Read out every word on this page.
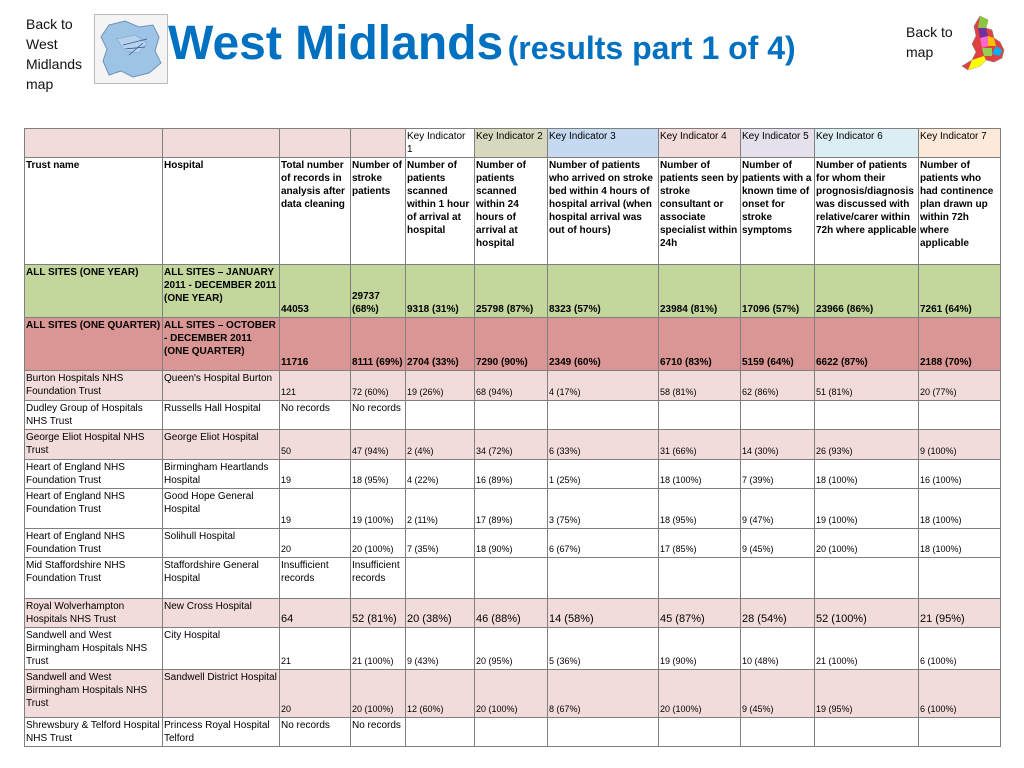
Back to West Midlands map
West Midlands (results part 1 of 4)	Back to map
				Key Indicator 1	Key Indicator 2	Key Indicator 3	Key Indicator 4	Key Indicator 5	Key Indicator 6	Key Indicator 7
Trust name	Hospital	Total number of records in analysis after data cleaning	Number of stroke patients	Number of patients scanned within 1 hour of arrival at hospital	Number of patients scanned within 24 hours of arrival at hospital	Number of patients who arrived on stroke bed within 4 hours of hospital arrival (when hospital arrival was out of hours)	Number of patients seen by stroke consultant or associate specialist within 24h	Number of patients with a known time of onset for stroke symptoms	Number of patients for whom their prognosis/diagnosis was discussed with relative/carer within 72h where applicable	Number of patients who had continence plan drawn up within 72h where applicable
ALL SITES (ONE YEAR)	ALL SITES – JANUARY 2011 - DECEMBER 2011 (ONE YEAR)	44053	29737 (68%)	9318 (31%)	25798 (87%)	8323 (57%)	23984 (81%)	17096 (57%)	23966 (86%)	7261 (64%)
ALL SITES (ONE QUARTER)	ALL SITES – OCTOBER - DECEMBER 2011 (ONE QUARTER)	11716	8111 (69%)	2704 (33%)	7290 (90%)	2349 (60%)	6710 (83%)	5159 (64%)	6622 (87%)	2188 (70%)
Burton Hospitals NHS Foundation Trust	Queen's Hospital Burton	121	72 (60%)	19 (26%)	68 (94%)	4 (17%)	58 (81%)	62 (86%)	51 (81%)	20 (77%)
Dudley Group of Hospitals NHS Trust	Russells Hall Hospital	No records	No records							
George Eliot Hospital NHS Trust	George Eliot Hospital	50	47 (94%)	2 (4%)	34 (72%)	6 (33%)	31 (66%)	14 (30%)	26 (93%)	9 (100%)
Heart of England NHS Foundation Trust	Birmingham Heartlands Hospital	19	18 (95%)	4 (22%)	16 (89%)	1 (25%)	18 (100%)	7 (39%)	18 (100%)	16 (100%)
Heart of England NHS Foundation Trust	Good Hope General Hospital	19	19 (100%)	2 (11%)	17 (89%)	3 (75%)	18 (95%)	9 (47%)	19 (100%)	18 (100%)
Heart of England NHS Foundation Trust	Solihull Hospital	20	20 (100%)	7 (35%)	18 (90%)	6 (67%)	17 (85%)	9 (45%)	20 (100%)	18 (100%)
Mid Staffordshire NHS Foundation Trust	Staffordshire General Hospital	Insufficient records	Insufficient records							
Royal Wolverhampton Hospitals NHS Trust	New Cross Hospital	64	52 (81%)	20 (38%)	46 (88%)	14 (58%)	45 (87%)	28 (54%)	52 (100%)	21 (95%)
Sandwell and West Birmingham Hospitals NHS Trust	City Hospital	21	21 (100%)	9 (43%)	20 (95%)	5 (36%)	19 (90%)	10 (48%)	21 (100%)	6 (100%)
Sandwell and West Birmingham Hospitals NHS Trust	Sandwell District Hospital	20	20 (100%)	12 (60%)	20 (100%)	8 (67%)	20 (100%)	9 (45%)	19 (95%)	6 (100%)
Shrewsbury & Telford Hospital NHS Trust	Princess Royal Hospital Telford	No records	No records							
